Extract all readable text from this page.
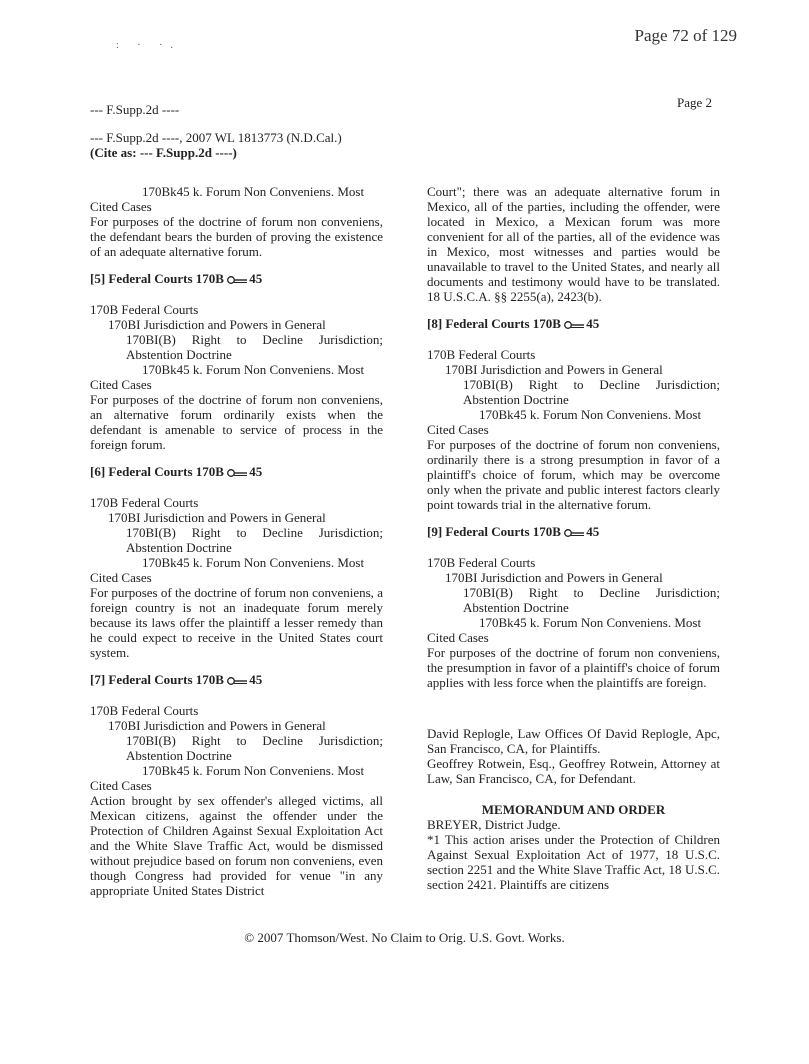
Page 72 of 129
: · ·.
Page 2
--- F.Supp.2d ----
--- F.Supp.2d ----, 2007 WL 1813773 (N.D.Cal.)
(Cite as: --- F.Supp.2d ----)

170Bk45 k. Forum Non Conveniens. Most

Cited Cases

For purposes of the doctrine of forum non conveniens, the defendant bears the burden of proving the existence of an adequate alternative forum.

[5] Federal Courts 170B 45

170B Federal Courts

170BI Jurisdiction and Powers in General

170BI(B) Right to Decline Jurisdiction; Abstention Doctrine

170Bk45 k. Forum Non Conveniens. Most

Cited Cases

For purposes of the doctrine of forum non conveniens, an alternative forum ordinarily exists when the defendant is amenable to service of process in the foreign forum.

[6] Federal Courts 170B 45

170B Federal Courts

170BI Jurisdiction and Powers in General

170BI(B) Right to Decline Jurisdiction; Abstention Doctrine

170Bk45 k. Forum Non Conveniens. Most

Cited Cases

For purposes of the doctrine of forum non conveniens, a foreign country is not an inadequate forum merely because its laws offer the plaintiff a lesser remedy than he could expect to receive in the United States court system.

[7] Federal Courts 170B 45

170B Federal Courts

170BI Jurisdiction and Powers in General

170BI(B) Right to Decline Jurisdiction; Abstention Doctrine

170Bk45 k. Forum Non Conveniens. Most

Cited Cases

Action brought by sex offender's alleged victims, all Mexican citizens, against the offender under the Protection of Children Against Sexual Exploitation Act and the White Slave Traffic Act, would be dismissed without prejudice based on forum non conveniens, even though Congress had provided for venue "in any appropriate United States District

Court"; there was an adequate alternative forum in Mexico, all of the parties, including the offender, were located in Mexico, a Mexican forum was more convenient for all of the parties, all of the evidence was in Mexico, most witnesses and parties would be unavailable to travel to the United States, and nearly all documents and testimony would have to be translated. 18 U.S.C.A. §§ 2255(a), 2423(b).

[8] Federal Courts 170B 45

170B Federal Courts

170BI Jurisdiction and Powers in General

170BI(B) Right to Decline Jurisdiction; Abstention Doctrine

170Bk45 k. Forum Non Conveniens. Most

Cited Cases

For purposes of the doctrine of forum non conveniens, ordinarily there is a strong presumption in favor of a plaintiff's choice of forum, which may be overcome only when the private and public interest factors clearly point towards trial in the alternative forum.

[9] Federal Courts 170B 45

170B Federal Courts

170BI Jurisdiction and Powers in General

170BI(B) Right to Decline Jurisdiction; Abstention Doctrine

170Bk45 k. Forum Non Conveniens. Most

Cited Cases

For purposes of the doctrine of forum non conveniens, the presumption in favor of a plaintiff's choice of forum applies with less force when the plaintiffs are foreign.

David Replogle, Law Offices Of David Replogle, Apc, San Francisco, CA, for Plaintiffs.

Geoffrey Rotwein, Esq., Geoffrey Rotwein, Attorney at Law, San Francisco, CA, for Defendant.

MEMORANDUM AND ORDER

BREYER, District Judge.

*1 This action arises under the Protection of Children Against Sexual Exploitation Act of 1977, 18 U.S.C. section 2251 and the White Slave Traffic Act, 18 U.S.C. section 2421. Plaintiffs are citizens

© 2007 Thomson/West. No Claim to Orig. U.S. Govt. Works.
